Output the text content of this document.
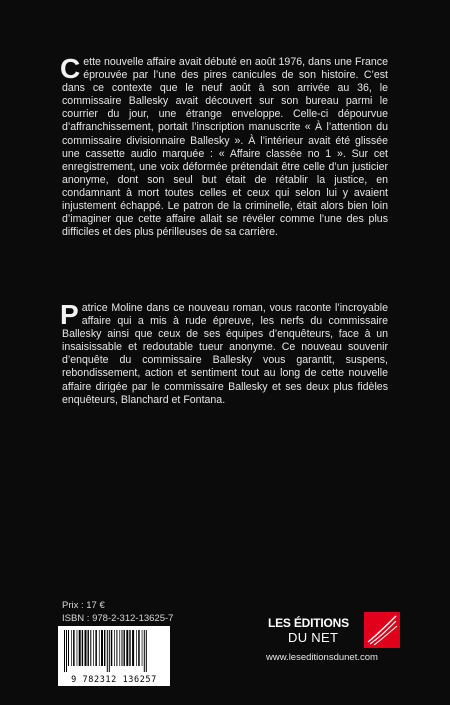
Cette nouvelle affaire avait débuté en août 1976, dans une France éprouvée par l’une des pires canicules de son histoire. C’est dans ce contexte que le neuf août à son arrivée au 36, le commissaire Ballesky avait découvert sur son bureau parmi le courrier du jour, une étrange enveloppe. Celle-ci dépourvue d’affranchissement, portait l’inscription manuscrite « À l’attention du commissaire divisionnaire Ballesky ». À l’intérieur avait été glissée une cassette audio marquée : « Affaire classée no 1 ». Sur cet enregistrement, une voix déformée prétendait être celle d’un justicier anonyme, dont son seul but était de rétablir la justice, en condamnant à mort toutes celles et ceux qui selon lui y avaient injustement échappé. Le patron de la criminelle, était alors bien loin d’imaginer que cette affaire allait se révéler comme l’une des plus difficiles et des plus périlleuses de sa carrière.

Patrice Moline dans ce nouveau roman, vous raconte l’incroyable affaire qui a mis à rude épreuve, les nerfs du commissaire Ballesky ainsi que ceux de ses équipes d’enquêteurs, face à un insaisissable et redoutable tueur anonyme. Ce nouveau souvenir d’enquête du commissaire Ballesky vous garantit, suspens, rebondissement, action et sentiment tout au long de cette nouvelle affaire dirigée par le commissaire Ballesky et ses deux plus fidèles enquêteurs, Blanchard et Fontana.

Prix : 17 €
ISBN : 978-2-312-13625-7
9 782312 136257
LES ÉDITIONS
DU NET
www.leseditionsdunet.com
